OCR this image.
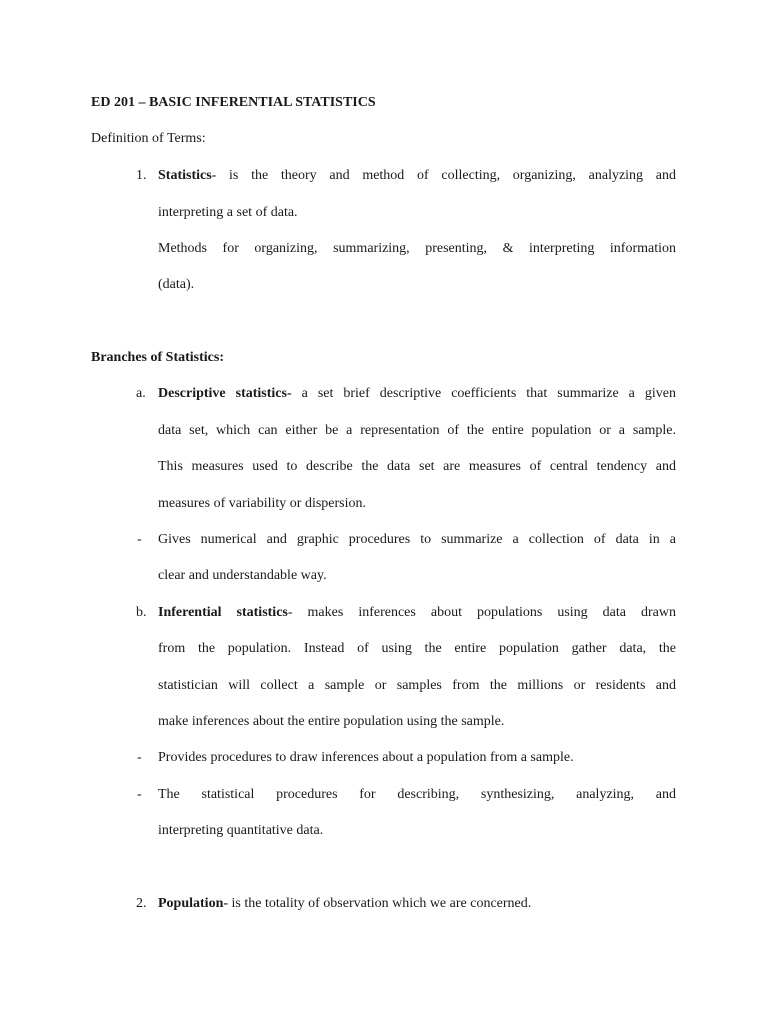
ED 201 – BASIC INFERENTIAL STATISTICS
Definition of Terms:
1. Statistics- is the theory and method of collecting, organizing, analyzing and
interpreting a set of data.
Methods for organizing, summarizing, presenting, & interpreting information
(data).
Branches of Statistics:
a. Descriptive statistics- a set brief descriptive coefficients that summarize a given
data set, which can either be a representation of the entire population or a sample.
This measures used to describe the data set are measures of central tendency and
measures of variability or dispersion.
- Gives numerical and graphic procedures to summarize a collection of data in a
clear and understandable way.
b. Inferential statistics- makes inferences about populations using data drawn
from the population. Instead of using the entire population gather data, the
statistician will collect a sample or samples from the millions or residents and
make inferences about the entire population using the sample.
- Provides procedures to draw inferences about a population from a sample.
- The statistical procedures for describing, synthesizing, analyzing, and
interpreting quantitative data.
2. Population- is the totality of observation which we are concerned.
